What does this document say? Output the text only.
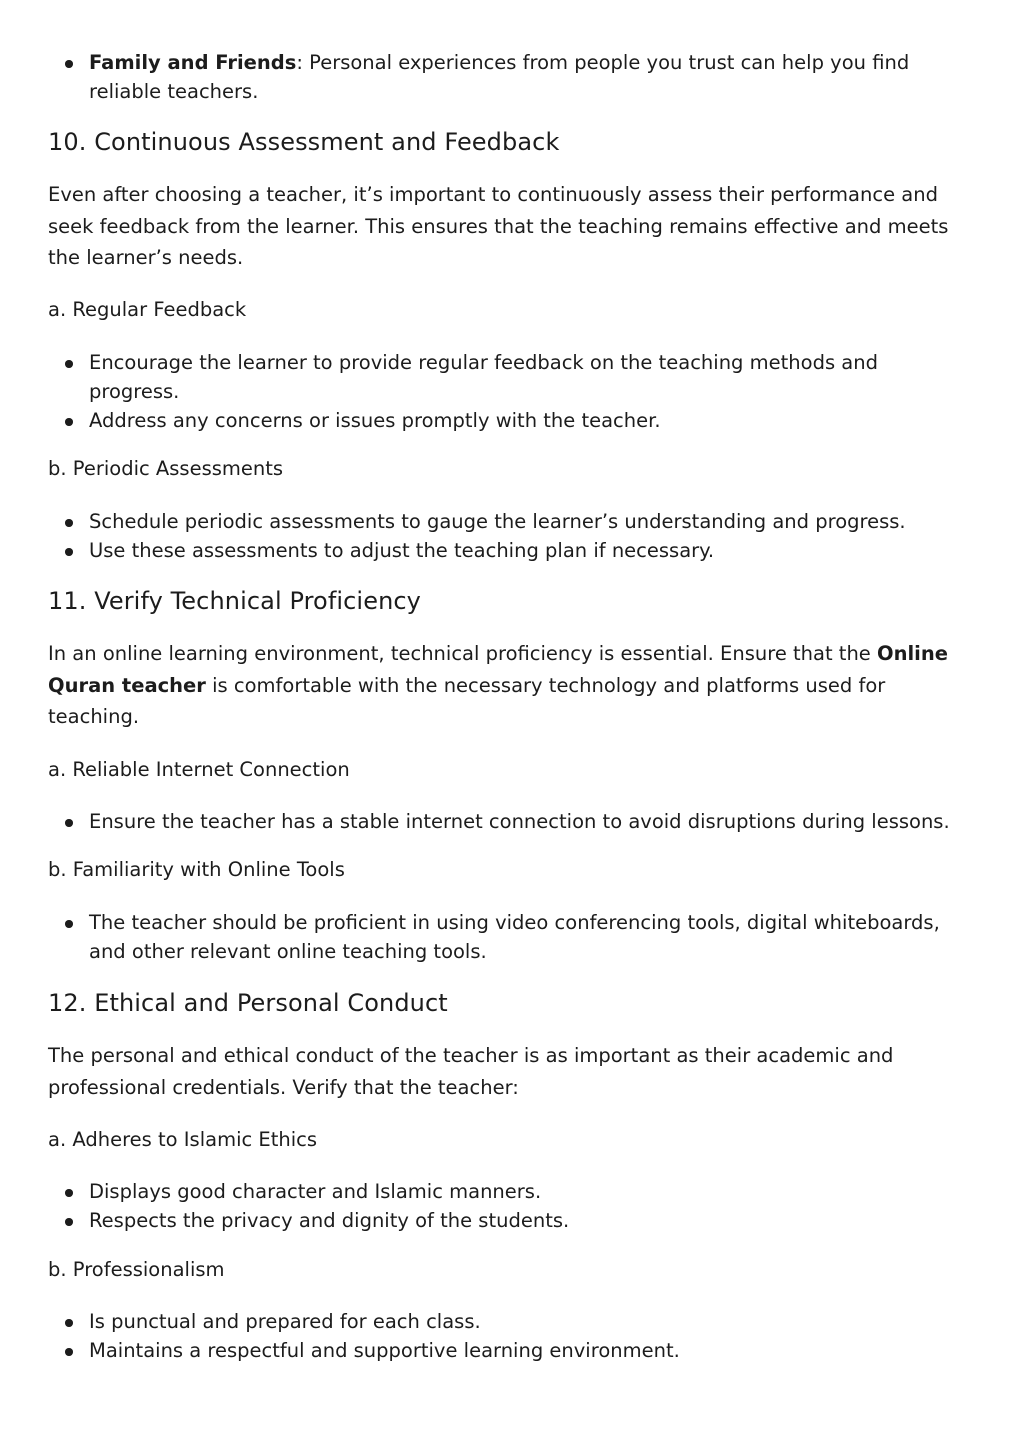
Family and Friends: Personal experiences from people you trust can help you find reliable teachers.
10. Continuous Assessment and Feedback

Even after choosing a teacher, it’s important to continuously assess their performance and seek feedback from the learner. This ensures that the teaching remains effective and meets the learner’s needs.

a. Regular Feedback
Encourage the learner to provide regular feedback on the teaching methods and progress.
Address any concerns or issues promptly with the teacher.
b. Periodic Assessments
Schedule periodic assessments to gauge the learner’s understanding and progress.
Use these assessments to adjust the teaching plan if necessary.
11. Verify Technical Proficiency

In an online learning environment, technical proficiency is essential. Ensure that the Online Quran teacher is comfortable with the necessary technology and platforms used for teaching.

a. Reliable Internet Connection
Ensure the teacher has a stable internet connection to avoid disruptions during lessons.
b. Familiarity with Online Tools
The teacher should be proficient in using video conferencing tools, digital whiteboards, and other relevant online teaching tools.
12. Ethical and Personal Conduct

The personal and ethical conduct of the teacher is as important as their academic and professional credentials. Verify that the teacher:

a. Adheres to Islamic Ethics
Displays good character and Islamic manners.
Respects the privacy and dignity of the students.
b. Professionalism
Is punctual and prepared for each class.
Maintains a respectful and supportive learning environment.
